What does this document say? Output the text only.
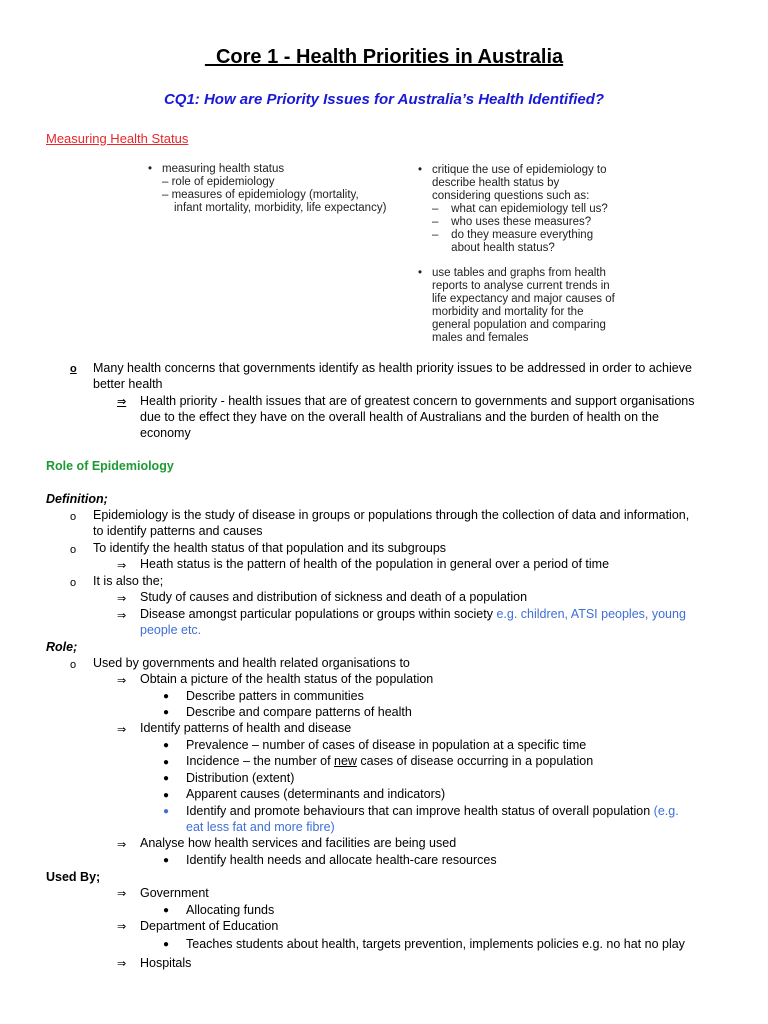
Core 1 - Health Priorities in Australia
CQ1: How are Priority Issues for Australia’s Health Identified?
Measuring Health Status
• measuring health status
– role of epidemiology
– measures of epidemiology (mortality,
infant mortality, morbidity, life expectancy)
• critique the use of epidemiology to
describe health status by
considering questions such as:
–    what can epidemiology tell us?
–    who uses these measures?
–    do they measure everything
about health status?
• use tables and graphs from health
reports to analyse current trends in
life expectancy and major causes of
morbidity and mortality for the
general population and comparing
males and females
o Many health concerns that governments identify as health priority issues to be addressed in order to achieve
better health
⇒ Health priority - health issues that are of greatest concern to governments and support organisations
due to the effect they have on the overall health of Australians and the burden of health on the
economy
Role of Epidemiology
Definition;
o Epidemiology is the study of disease in groups or populations through the collection of data and information,
to identify patterns and causes
o To identify the health status of that population and its subgroups
⇒ Heath status is the pattern of health of the population in general over a period of time
o It is also the;
⇒ Study of causes and distribution of sickness and death of a population
⇒ Disease amongst particular populations or groups within society e.g. children, ATSI peoples, young
people etc.
Role;
o Used by governments and health related organisations to
⇒ Obtain a picture of the health status of the population
● Describe patters in communities
● Describe and compare patterns of health
⇒ Identify patterns of health and disease
● Prevalence – number of cases of disease in population at a specific time
● Incidence – the number of new cases of disease occurring in a population
● Distribution (extent)
● Apparent causes (determinants and indicators)
● Identify and promote behaviours that can improve health status of overall population (e.g.
eat less fat and more fibre)
⇒ Analyse how health services and facilities are being used
● Identify health needs and allocate health-care resources
Used By;
⇒ Government
● Allocating funds
⇒ Department of Education
● Teaches students about health, targets prevention, implements policies e.g. no hat no play
⇒ Hospitals
